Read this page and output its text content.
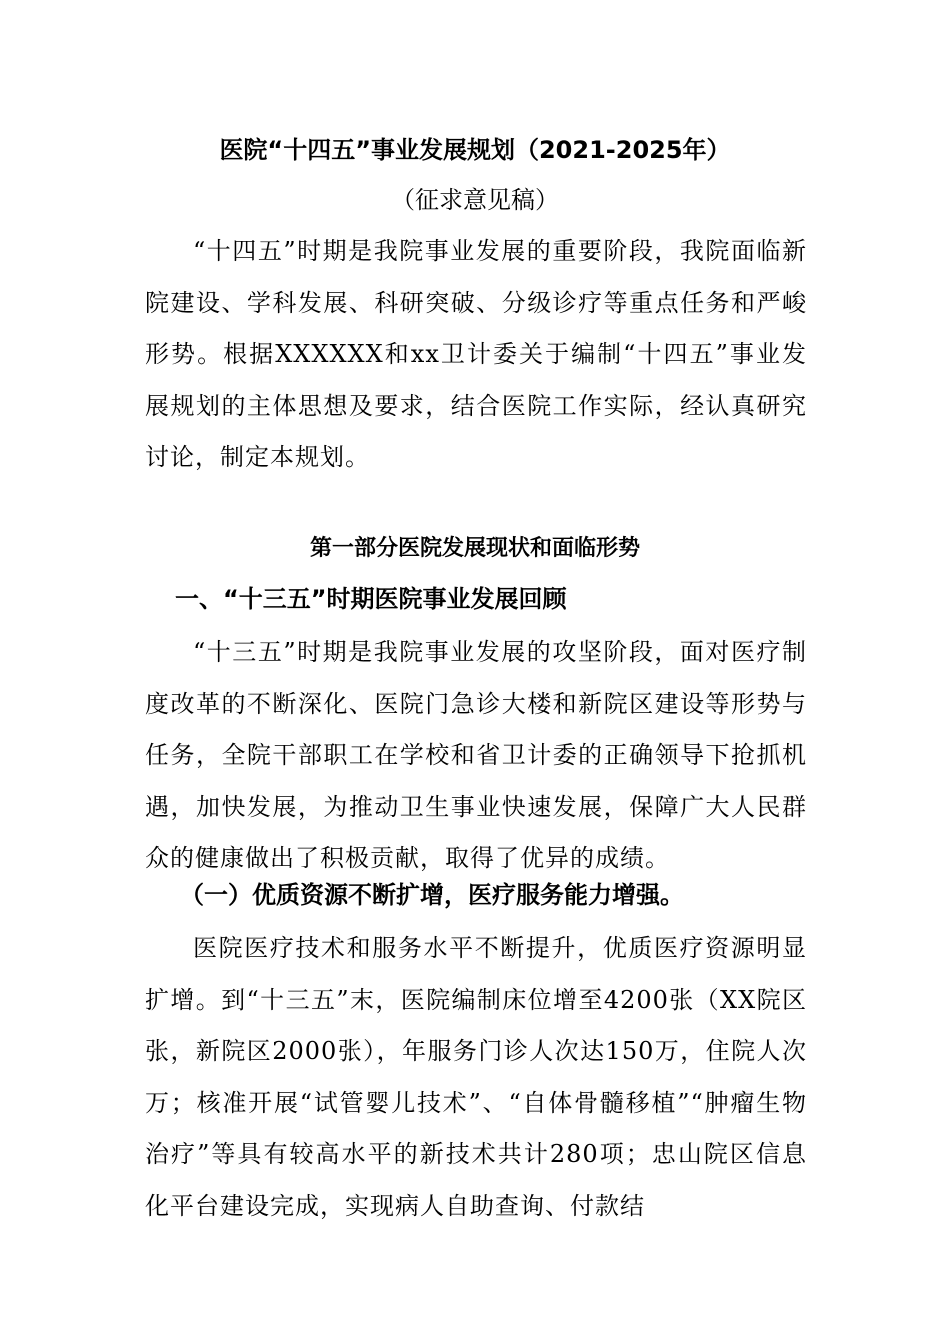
医院“十四五”事业发展规划（2021-2025年）
（征求意见稿）

“十四五”时期是我院事业发展的重要阶段，我院面临新院建设、学科发展、科研突破、分级诊疗等重点任务和严峻形势。根据XXXXXX和xx卫计委关于编制“十四五”事业发展规划的主体思想及要求，结合医院工作实际，经认真研究讨论，制定本规划。

第一部分医院发展现状和面临形势
一、“十三五”时期医院事业发展回顾

“十三五”时期是我院事业发展的攻坚阶段，面对医疗制度改革的不断深化、医院门急诊大楼和新院区建设等形势与任务，全院干部职工在学校和省卫计委的正确领导下抢抓机遇，加快发展，为推动卫生事业快速发展，保障广大人民群众的健康做出了积极贡献，取得了优异的成绩。

（一）优质资源不断扩增，医疗服务能力增强。

医院医疗技术和服务水平不断提升，优质医疗资源明显扩增。到“十三五”末，医院编制床位增至4200张（XX院区张，新院区2000张），年服务门诊人次达150万，住院人次万；核准开展“试管婴儿技术”、“自体骨髓移植”“肿瘤生物治疗”等具有较高水平的新技术共计280项；忠山院区信息化平台建设完成，实现病人自助查询、付款结
